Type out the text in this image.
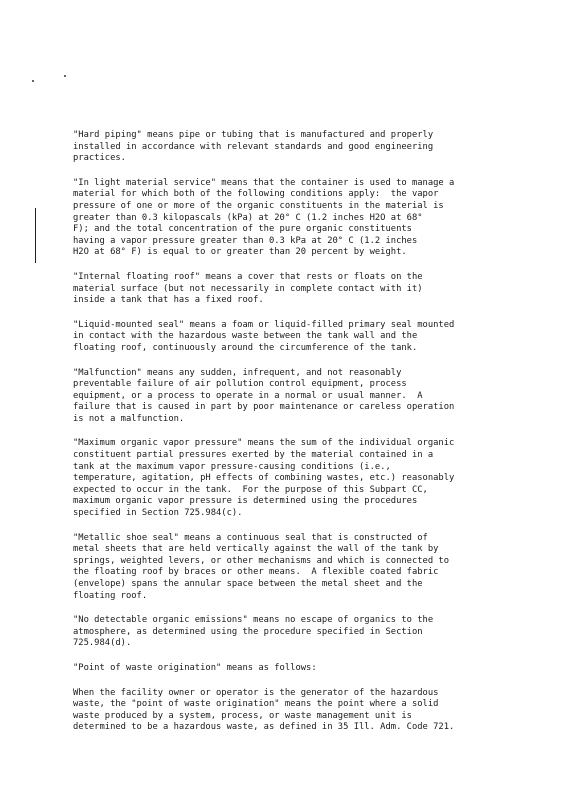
"Hard piping" means pipe or tubing that is manufactured and properly
installed in accordance with relevant standards and good engineering
practices.

"In light material service" means that the container is used to manage a
material for which both of the following conditions apply:  the vapor
pressure of one or more of the organic constituents in the material is
greater than 0.3 kilopascals (kPa) at 20° C (1.2 inches H2O at 68°
F); and the total concentration of the pure organic constituents
having a vapor pressure greater than 0.3 kPa at 20° C (1.2 inches
H2O at 68° F) is equal to or greater than 20 percent by weight.

"Internal floating roof" means a cover that rests or floats on the
material surface (but not necessarily in complete contact with it)
inside a tank that has a fixed roof.

"Liquid-mounted seal" means a foam or liquid-filled primary seal mounted
in contact with the hazardous waste between the tank wall and the
floating roof, continuously around the circumference of the tank.

"Malfunction" means any sudden, infrequent, and not reasonably
preventable failure of air pollution control equipment, process
equipment, or a process to operate in a normal or usual manner.  A
failure that is caused in part by poor maintenance or careless operation
is not a malfunction.

"Maximum organic vapor pressure" means the sum of the individual organic
constituent partial pressures exerted by the material contained in a
tank at the maximum vapor pressure-causing conditions (i.e.,
temperature, agitation, pH effects of combining wastes, etc.) reasonably
expected to occur in the tank.  For the purpose of this Subpart CC,
maximum organic vapor pressure is determined using the procedures
specified in Section 725.984(c).

"Metallic shoe seal" means a continuous seal that is constructed of
metal sheets that are held vertically against the wall of the tank by
springs, weighted levers, or other mechanisms and which is connected to
the floating roof by braces or other means.  A flexible coated fabric
(envelope) spans the annular space between the metal sheet and the
floating roof.

"No detectable organic emissions" means no escape of organics to the
atmosphere, as determined using the procedure specified in Section
725.984(d).

"Point of waste origination" means as follows:

When the facility owner or operator is the generator of the hazardous
waste, the "point of waste origination" means the point where a solid
waste produced by a system, process, or waste management unit is
determined to be a hazardous waste, as defined in 35 Ill. Adm. Code 721.
